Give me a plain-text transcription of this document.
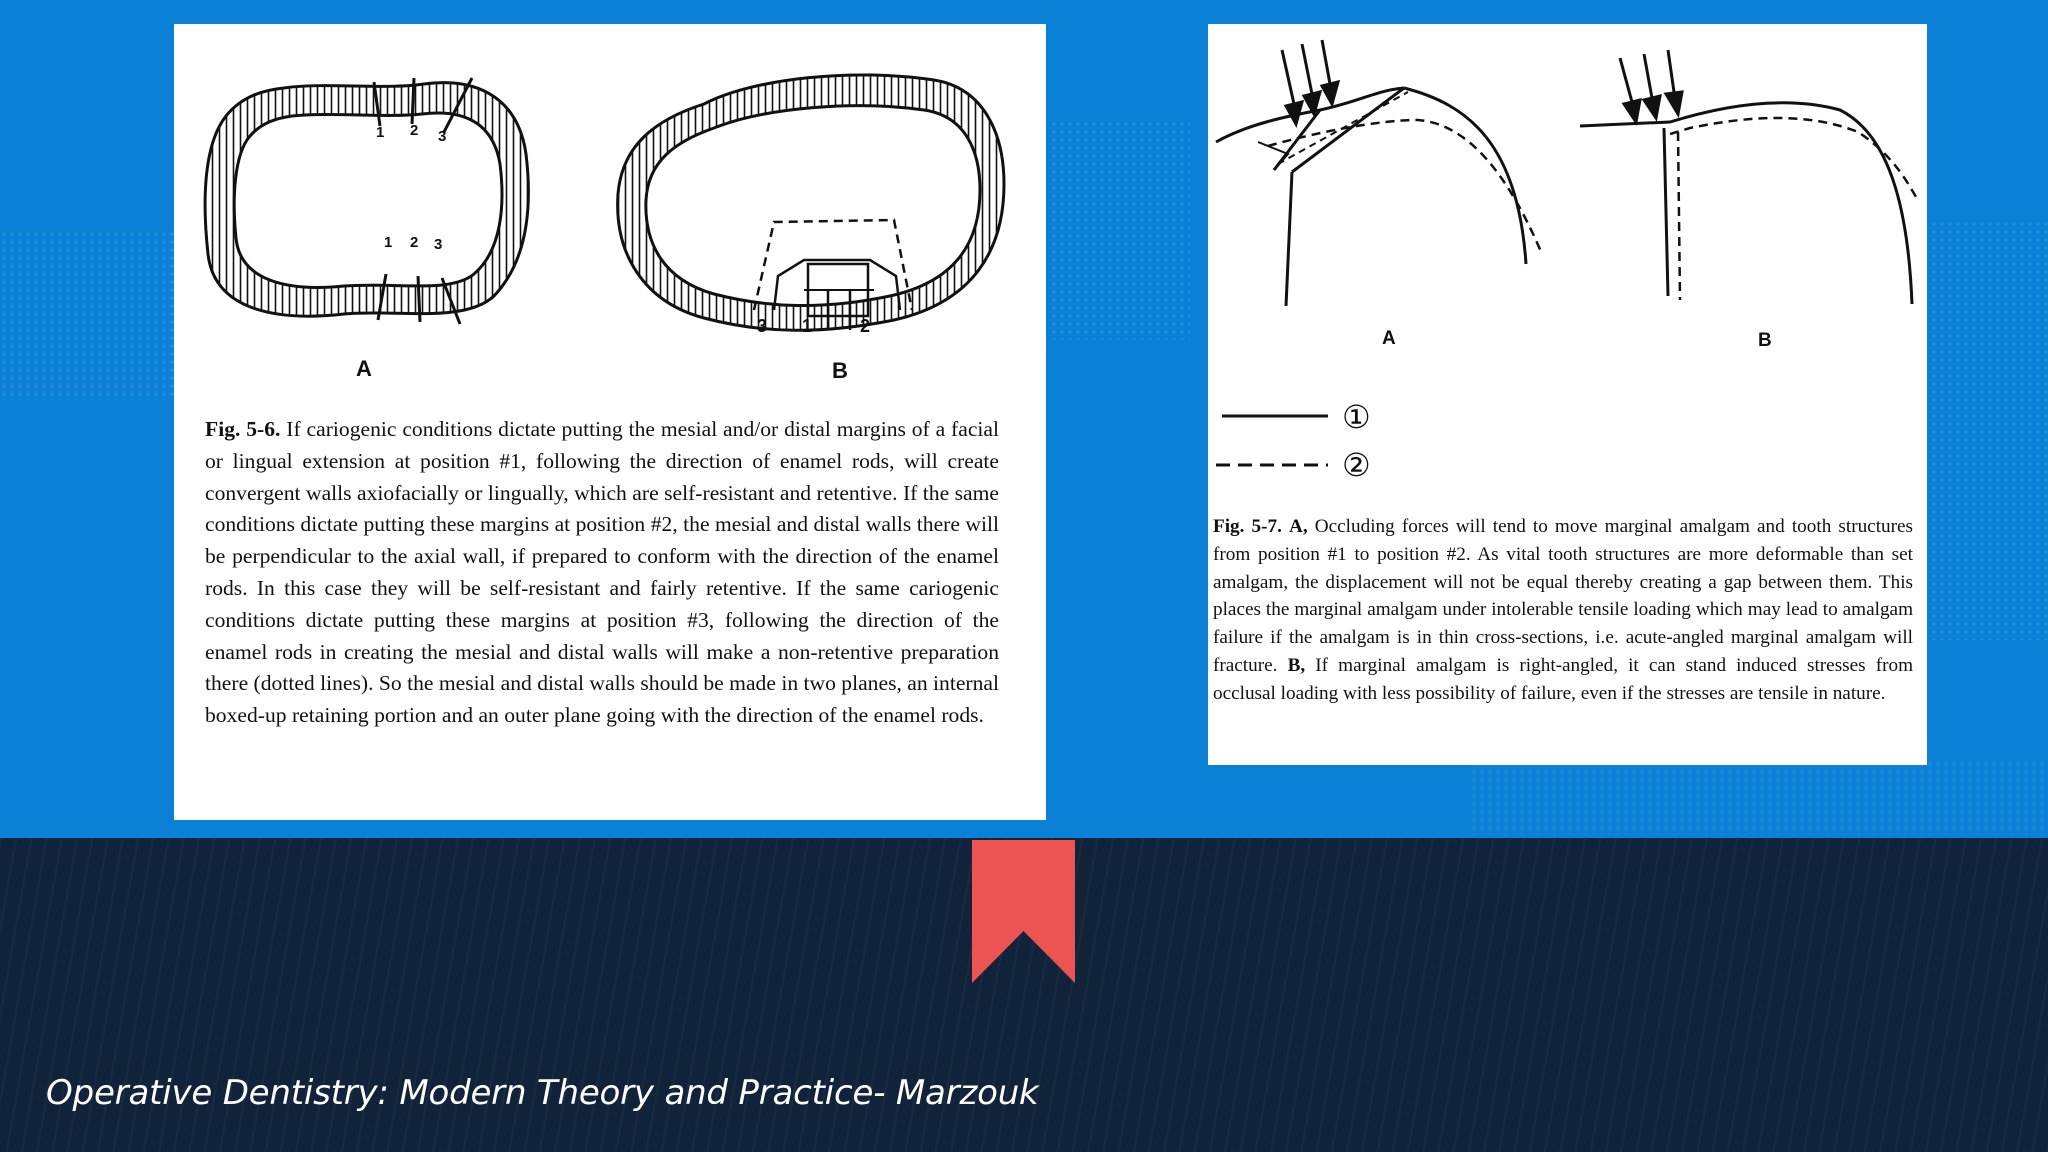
Operative Dentistry: Modern Theory and Practice- Marzouk
1 2 3
1 2 3
3 1	2
A	B
Fig. 5-6. If cariogenic conditions dictate putting the mesial and/or distal margins of a facial or lingual extension at position #1, following the direction of enamel rods, will create convergent walls axiofacially or lingually, which are self-resistant and retentive. If the same conditions dictate putting these margins at position #2, the mesial and distal walls there will be perpendicular to the axial wall, if prepared to conform with the direction of the enamel rods. In this case they will be self-resistant and fairly retentive. If the same cariogenic conditions dictate putting these margins at position #3, following the direction of the enamel rods in creating the mesial and distal walls will make a non-retentive preparation there (dotted lines). So the mesial and distal walls should be made in two planes, an internal boxed-up retaining portion and an outer plane going with the direction of the enamel rods.
A	B
①
②
Fig. 5-7. A, Occluding forces will tend to move marginal amalgam and tooth structures from position #1 to position #2. As vital tooth structures are more deformable than set amalgam, the displacement will not be equal thereby creating a gap between them. This places the marginal amalgam under intolerable tensile loading which may lead to amalgam failure if the amalgam is in thin cross-sections, i.e. acute-angled marginal amalgam will fracture. B, If marginal amalgam is right-angled, it can stand induced stresses from occlusal loading with less possibility of failure, even if the stresses are tensile in nature.
